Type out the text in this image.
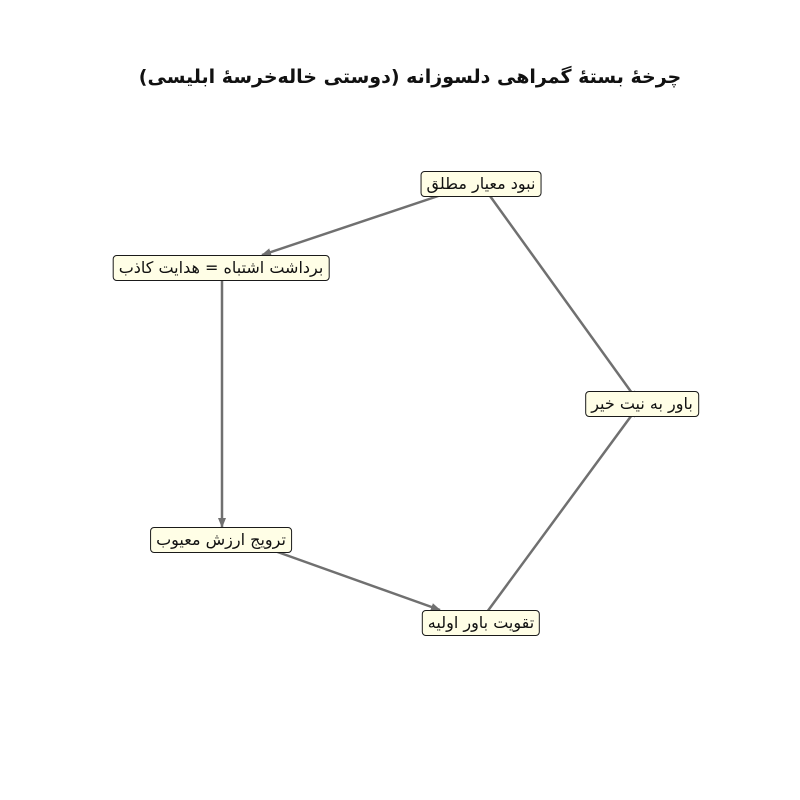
چرخهٔ بستهٔ گمراهی دلسوزانه (دوستی خاله‌خرسهٔ ابلیسی)
نبود معیار مطلق
باور به نیت خیر
تقویت باور اولیه
ترویج ارزش معیوب
برداشت اشتباه = هدایت کاذب
